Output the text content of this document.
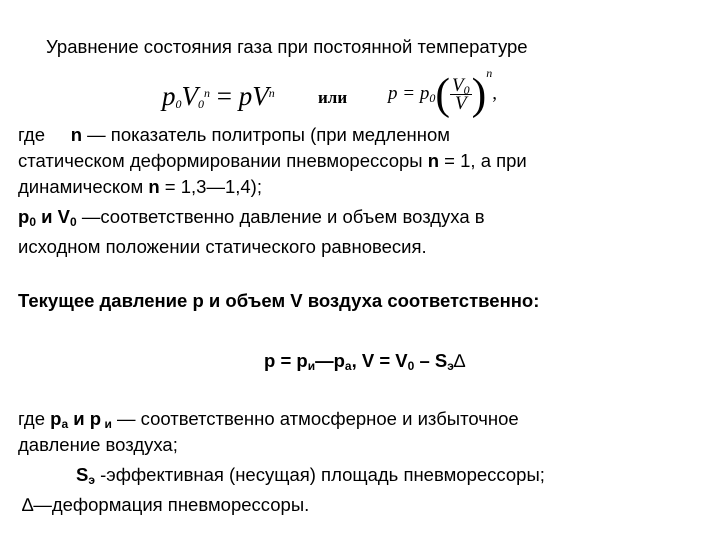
Уравнение состояния газа при постоянной температуре
$p_0V_0^n = pV^n$	или $p = p_0( \frac{V_0}{V} )^n$,
где     n — показатель политропы (при медленном
статическом деформировании пневморессоры n = 1, а при
динамическом n = 1,3—1,4);
$p_0$ и $V_0$ —соответственно давление и объем воздуха в
исходном положении статического равновесия.
Текущее давление р и объем V воздуха соответственно:
$p = p_и—p_а$, $V = V_0 - S_э\Delta$
где $р_а$ и р $_и$ — соответственно атмосферное и избыточное
давление воздуха;
$S_э$ -эффективная (несущая) площадь пневморессоры;
∆—деформация пневморессоры.
